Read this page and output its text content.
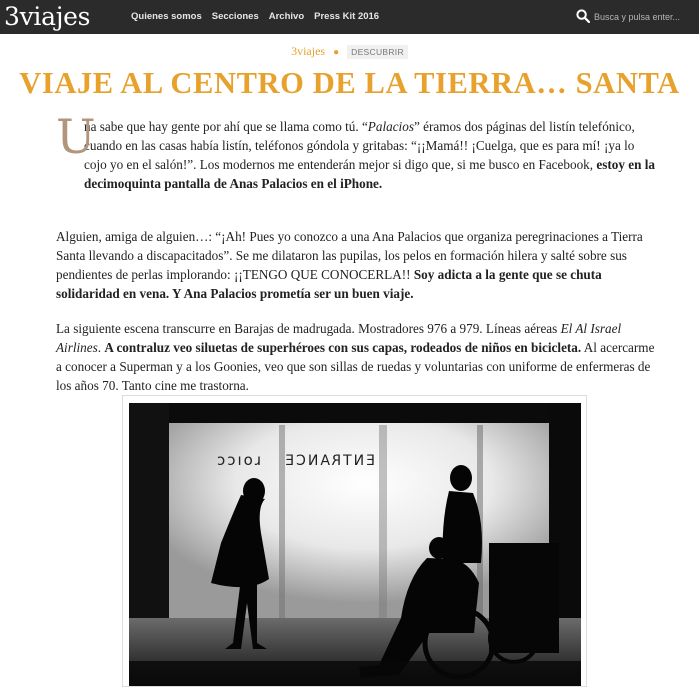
3viajes	Quienes somos Secciones Archivo Press Kit 2016
Busca y pulsa enter...
3viajes ● DESCUBRIR
VIAJE AL CENTRO DE LA TIERRA… SANTA

U
na sabe que hay gente por ahí que se llama como tú. “Palacios” éramos dos páginas del listín telefónico, cuando en las casas había listín, teléfonos góndola y gritabas: “¡¡Mamá!! ¡Cuelga, que es para mí! ¡ya lo cojo yo en el salón!”. Los modernos me entenderán mejor si digo que, si me busco en Facebook, estoy en la decimoquinta pantalla de Anas Palacios en el iPhone.

Alguien, amiga de alguien…: “¡Ah! Pues yo conozco a una Ana Palacios que organiza peregrinaciones a Tierra Santa llevando a discapacitados”. Se me dilataron las pupilas, los pelos en formación hilera y salté sobre sus pendientes de perlas implorando: ¡¡TENGO QUE CONOCERLA!! Soy adicta a la gente que se chuta solidaridad en vena. Y Ana Palacios prometía ser un buen viaje.

La siguiente escena transcurre en Barajas de madrugada. Mostradores 976 a 979. Líneas aéreas El Al Israel Airlines. A contraluz veo siluetas de superhéroes con sus capas, rodeados de niños en bicicleta. Al acercarme a conocer a Superman y a los Goonies, veo que son sillas de ruedas y voluntarias con uniforme de enfermeras de los años 70. Tanto cine me trastorna.

ENTRANCE
ɔɔıoɹ
